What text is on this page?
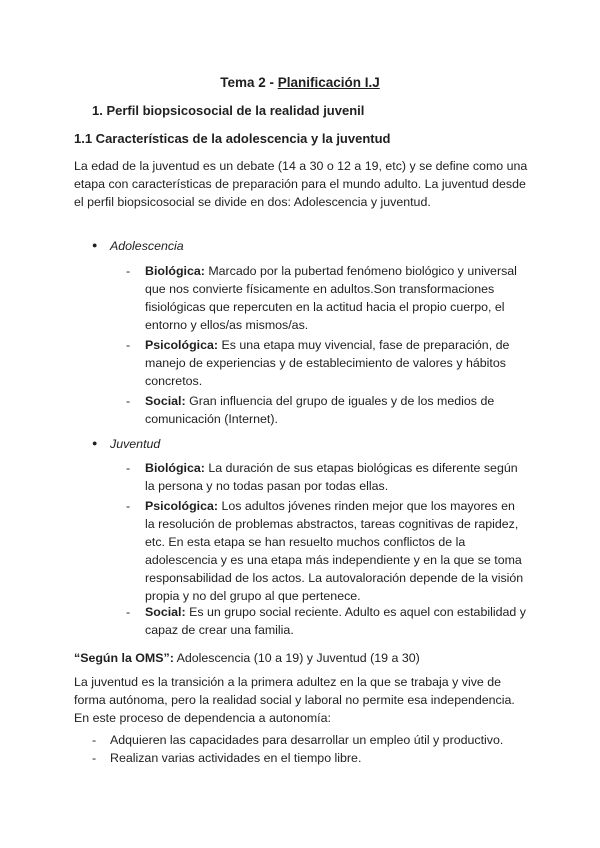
Tema 2 - Planificación I.J
1. Perfil biopsicosocial de la realidad juvenil
1.1 Características de la adolescencia y la juventud
La edad de la juventud es un debate (14 a 30 o 12 a 19, etc) y se define como una etapa con características de preparación para el mundo adulto. La juventud desde el perfil biopsicosocial se divide en dos: Adolescencia y juventud.
● Adolescencia
- Biológica: Marcado por la pubertad fenómeno biológico y universal que nos convierte físicamente en adultos.Son transformaciones fisiológicas que repercuten en la actitud hacia el propio cuerpo, el entorno y ellos/as mismos/as.
- Psicológica: Es una etapa muy vivencial, fase de preparación, de manejo de experiencias y de establecimiento de valores y hábitos concretos.
- Social: Gran influencia del grupo de iguales y de los medios de comunicación (Internet).
● Juventud
- Biológica: La duración de sus etapas biológicas es diferente según la persona y no todas pasan por todas ellas.
- Psicológica: Los adultos jóvenes rinden mejor que los mayores en la resolución de problemas abstractos, tareas cognitivas de rapidez, etc. En esta etapa se han resuelto muchos conflictos de la adolescencia y es una etapa más independiente y en la que se toma responsabilidad de los actos. La autovaloración depende de la visión propia y no del grupo al que pertenece.
- Social: Es un grupo social reciente. Adulto es aquel con estabilidad y capaz de crear una familia.
“Según la OMS”: Adolescencia (10 a 19) y Juventud (19 a 30)
La juventud es la transición a la primera adultez en la que se trabaja y vive de forma autónoma, pero la realidad social y laboral no permite esa independencia. En este proceso de dependencia a autonomía:
- Adquieren las capacidades para desarrollar un empleo útil y productivo.
- Realizan varias actividades en el tiempo libre.
